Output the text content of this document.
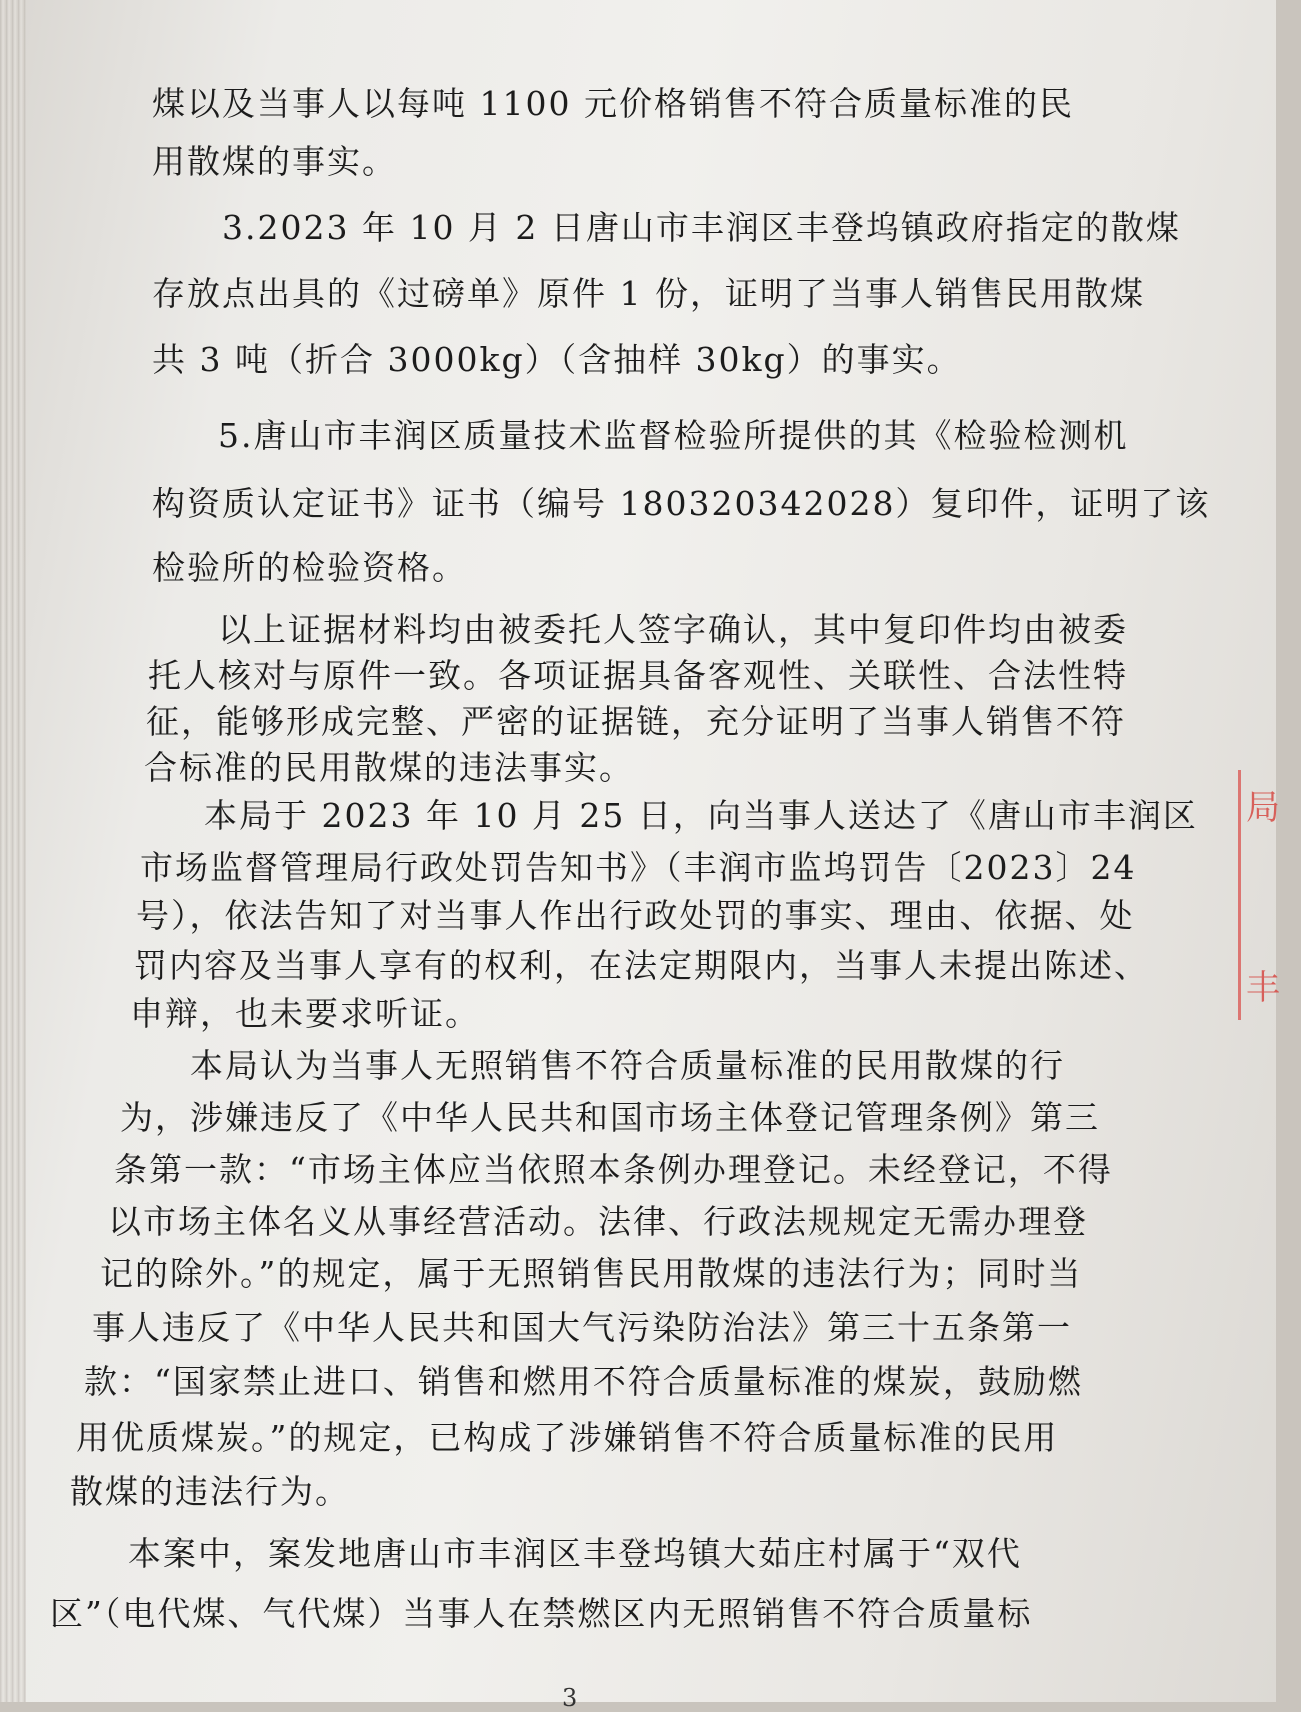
煤以及当事人以每吨 1100 元价格销售不符合质量标准的民

用散煤的事实。

3.2023 年 10 月 2 日唐山市丰润区丰登坞镇政府指定的散煤

存放点出具的《过磅单》原件 1 份，证明了当事人销售民用散煤

共 3 吨（折合 3000kg）（含抽样 30kg）的事实。

5.唐山市丰润区质量技术监督检验所提供的其《检验检测机

构资质认定证书》证书（编号 180320342028）复印件，证明了该

检验所的检验资格。

以上证据材料均由被委托人签字确认，其中复印件均由被委

托人核对与原件一致。各项证据具备客观性、关联性、合法性特

征，能够形成完整、严密的证据链，充分证明了当事人销售不符

合标准的民用散煤的违法事实。

本局于 2023 年 10 月 25 日，向当事人送达了《唐山市丰润区

市场监督管理局行政处罚告知书》（丰润市监坞罚告〔2023〕24

号），依法告知了对当事人作出行政处罚的事实、理由、依据、处

罚内容及当事人享有的权利，在法定期限内，当事人未提出陈述、

申辩，也未要求听证。

本局认为当事人无照销售不符合质量标准的民用散煤的行

为，涉嫌违反了《中华人民共和国市场主体登记管理条例》第三

条第一款：“市场主体应当依照本条例办理登记。未经登记，不得

以市场主体名义从事经营活动。法律、行政法规规定无需办理登

记的除外。”的规定，属于无照销售民用散煤的违法行为；同时当

事人违反了《中华人民共和国大气污染防治法》第三十五条第一

款：“国家禁止进口、销售和燃用不符合质量标准的煤炭，鼓励燃

用优质煤炭。”的规定，已构成了涉嫌销售不符合质量标准的民用

散煤的违法行为。

本案中，案发地唐山市丰润区丰登坞镇大茹庄村属于“双代

区”（电代煤、气代煤）当事人在禁燃区内无照销售不符合质量标

局
丰
3
